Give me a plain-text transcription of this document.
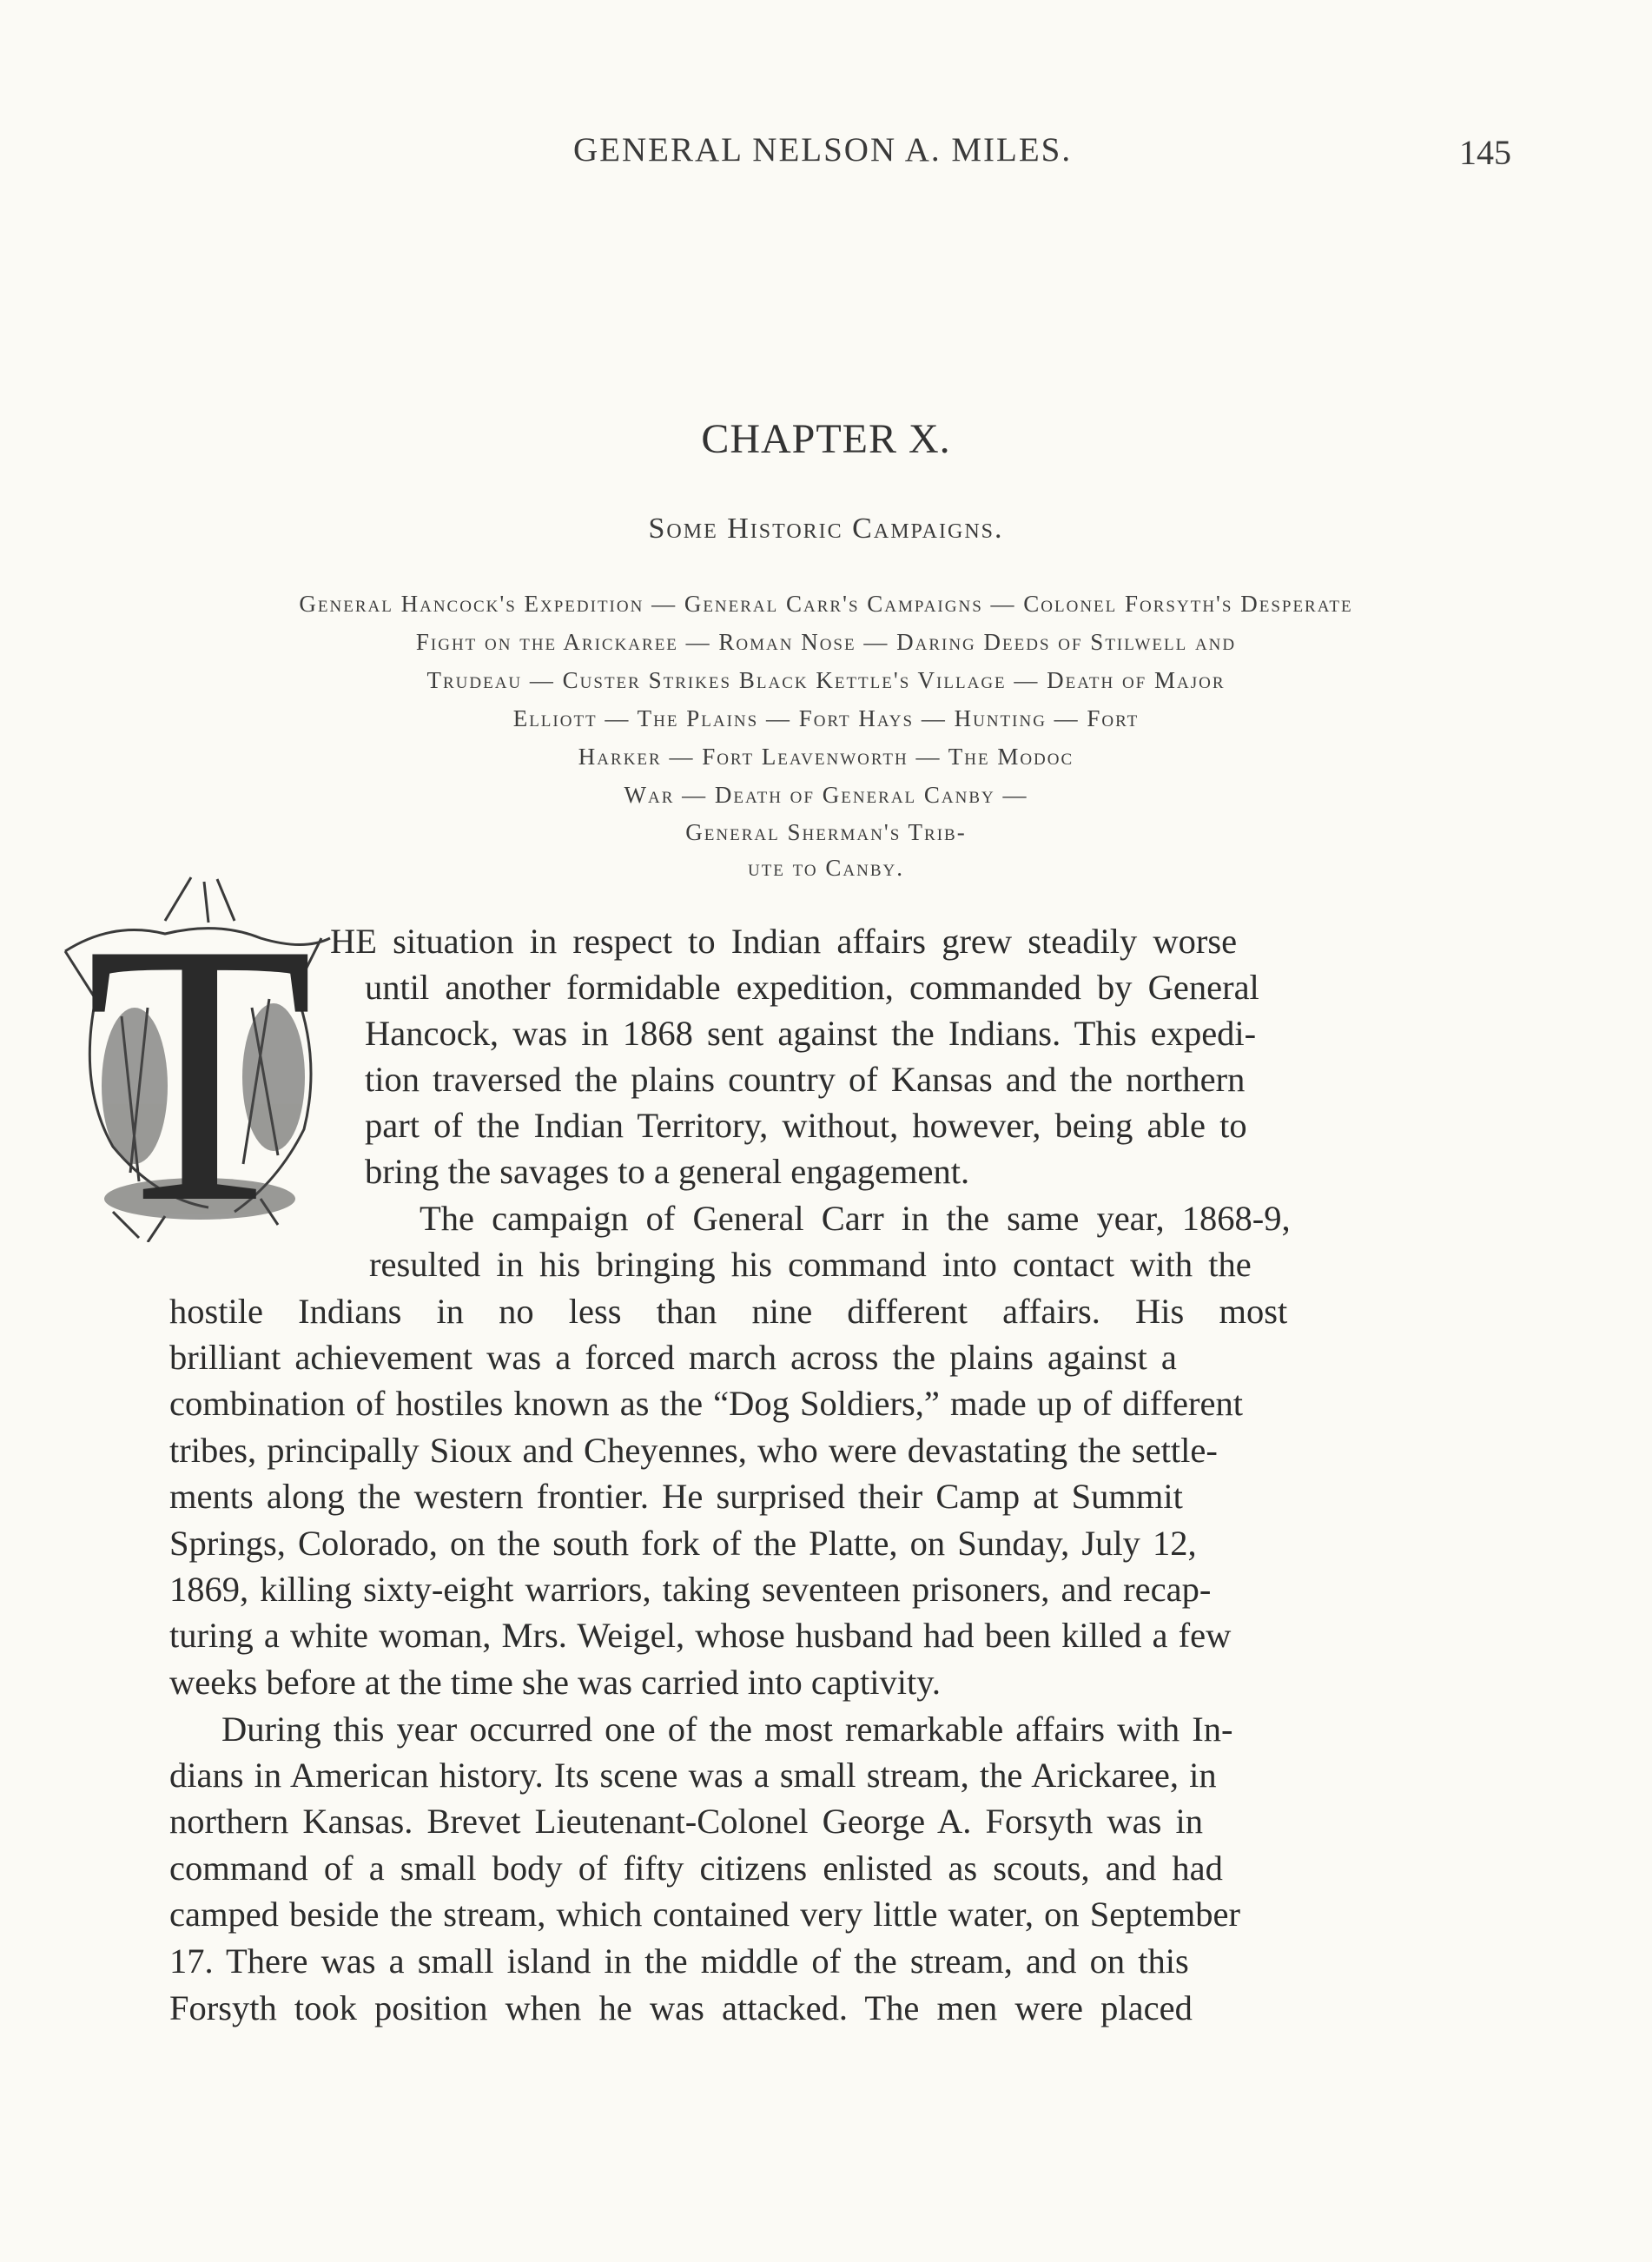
GENERAL NELSON A. MILES.	145
CHAPTER X.
Some Historic Campaigns.
General Hancock's Expedition — General Carr's Campaigns — Colonel Forsyth's Desperate
Fight on the Arickaree — Roman Nose — Daring Deeds of Stilwell and
Trudeau — Custer Strikes Black Kettle's Village — Death of Major
Elliott — The Plains — Fort Hays — Hunting — Fort
Harker — Fort Leavenworth — The Modoc
War — Death of General Canby —
General Sherman's Trib-
ute to Canby.
T HE situation in respect to Indian affairs grew steadily worse
until another formidable expedition, commanded by General
Hancock, was in 1868 sent against the Indians. This expedi-
tion traversed the plains country of Kansas and the northern
part of the Indian Territory, without, however, being able to
bring the savages to a general engagement.
The campaign of General Carr in the same year, 1868-9,
resulted in his bringing his command into contact with the
hostile Indians in no less than nine different affairs. His most
brilliant achievement was a forced march across the plains against a
combination of hostiles known as the “Dog Soldiers,” made up of different
tribes, principally Sioux and Cheyennes, who were devastating the settle-
ments along the western frontier. He surprised their Camp at Summit
Springs, Colorado, on the south fork of the Platte, on Sunday, July 12,
1869, killing sixty-eight warriors, taking seventeen prisoners, and recap-
turing a white woman, Mrs. Weigel, whose husband had been killed a few
weeks before at the time she was carried into captivity.
During this year occurred one of the most remarkable affairs with In-
dians in American history. Its scene was a small stream, the Arickaree, in
northern Kansas. Brevet Lieutenant-Colonel George A. Forsyth was in
command of a small body of fifty citizens enlisted as scouts, and had
camped beside the stream, which contained very little water, on September
17. There was a small island in the middle of the stream, and on this
Forsyth took position when he was attacked. The men were placed
